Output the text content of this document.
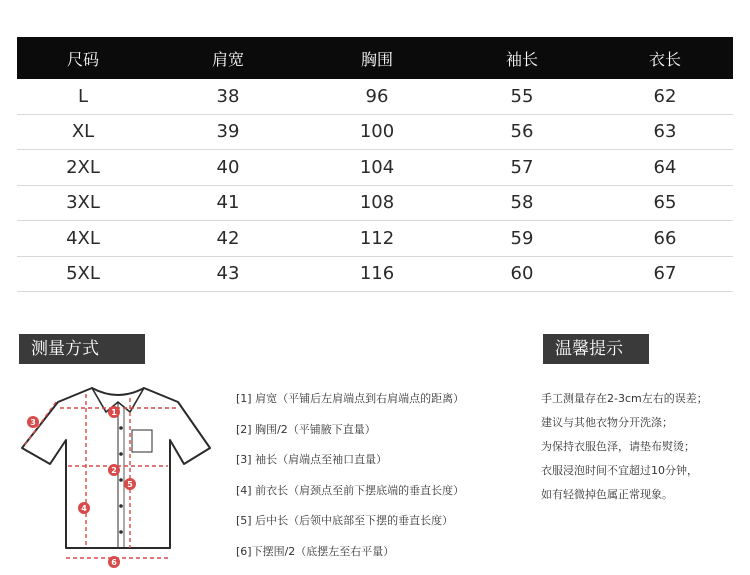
尺码	肩宽	胸围	袖长	衣长
L	38	96	55	62
XL	39	100	56	63
2XL	40	104	57	64
3XL	41	108	58	65
4XL	42	112	59	66
5XL	43	116	60	67
测量方式	温馨提示
1
2
3
4
5
6
[1] 肩宽（平铺后左肩端点到右肩端点的距离）
[2] 胸围/2（平铺腋下直量）
[3] 袖长（肩端点至袖口直量）
[4] 前衣长（肩颈点至前下摆底端的垂直长度）
[5] 后中长（后领中底部至下摆的垂直长度）
[6]下摆围/2（底摆左至右平量）
手工测量存在2-3cm左右的误差；
建议与其他衣物分开洗涤；
为保持衣服色泽，请垫布熨烫；
衣服浸泡时间不宜超过10分钟，
如有轻微掉色属正常现象。
